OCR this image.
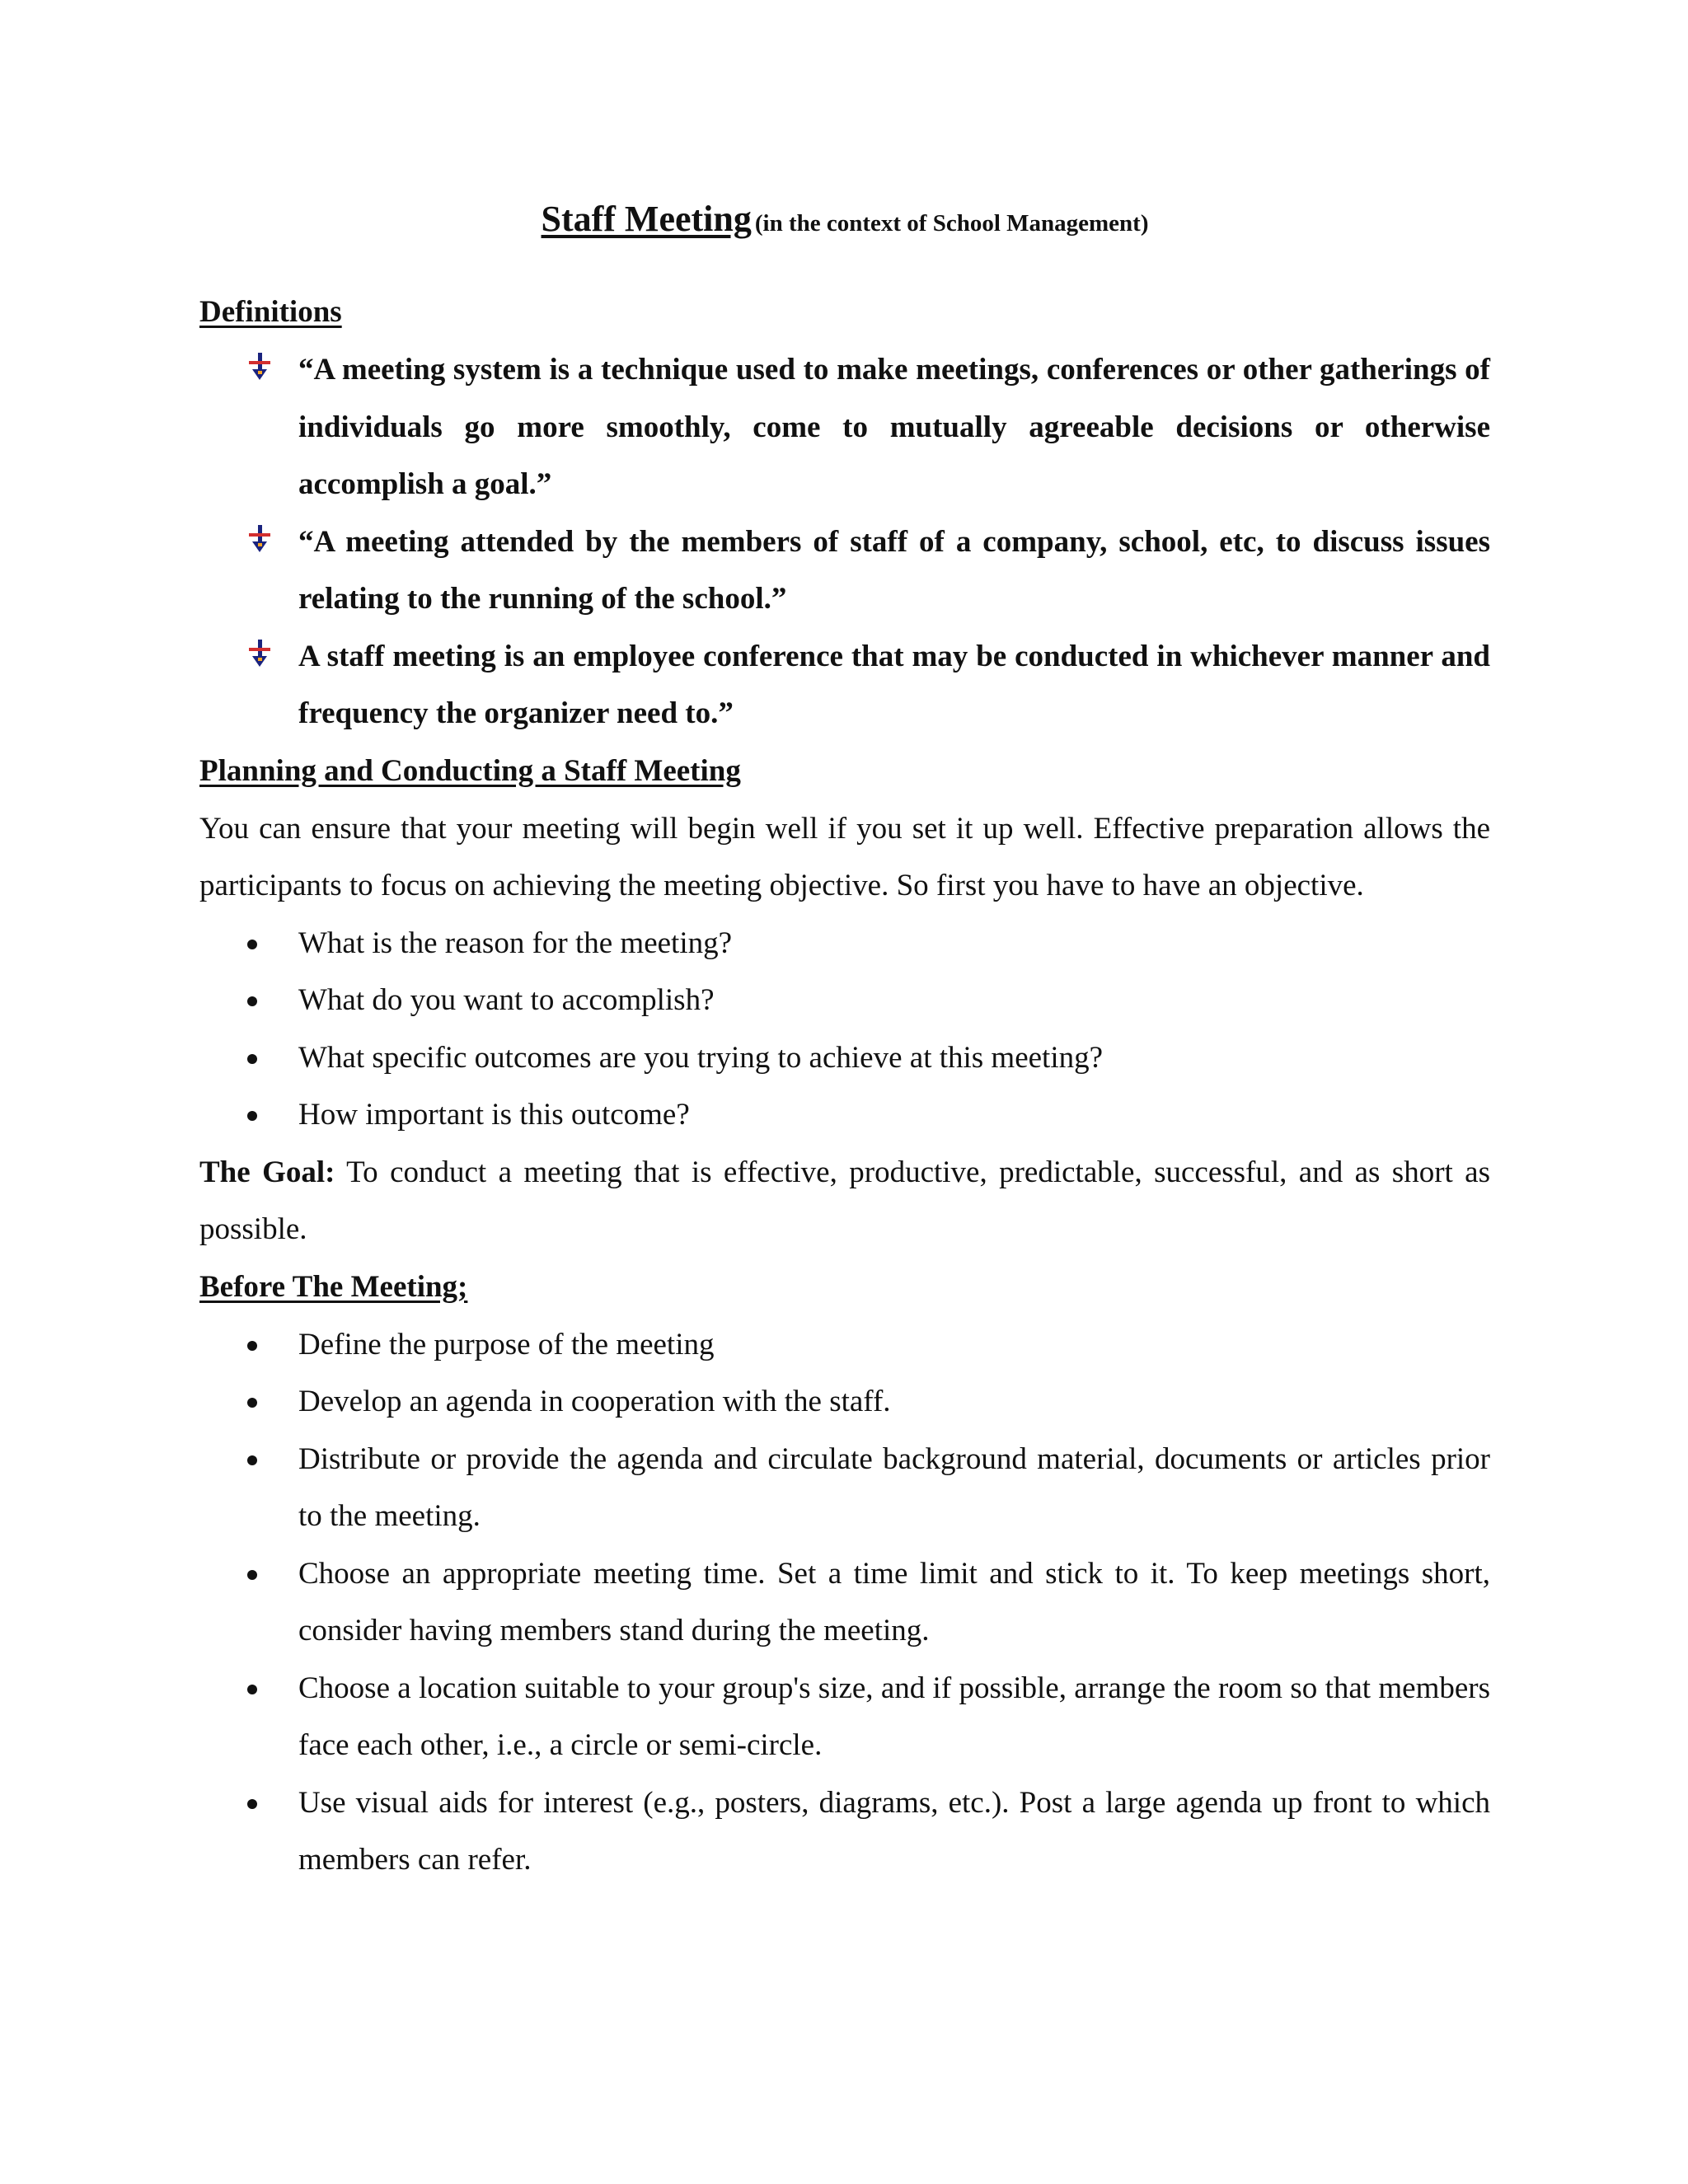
Staff Meeting (in the context of School Management)

Definitions

“A meeting system is a technique used to make meetings, conferences or other gatherings of individuals go more smoothly, come to mutually agreeable decisions or otherwise accomplish a goal.”
“A meeting attended by the members of staff of a company, school, etc, to discuss issues relating to the running of the school.”
A staff meeting is an employee conference that may be conducted in whichever manner and frequency the organizer need to.”

Planning and Conducting a Staff Meeting

You can ensure that your meeting will begin well if you set it up well. Effective preparation allows the participants to focus on achieving the meeting objective. So first you have to have an objective.

What is the reason for the meeting?
What do you want to accomplish?
What specific outcomes are you trying to achieve at this meeting?
How important is this outcome?

The Goal: To conduct a meeting that is effective, productive, predictable, successful, and as short as possible.

Before The Meeting;

Define the purpose of the meeting
Develop an agenda in cooperation with the staff.
Distribute or provide the agenda and circulate background material, documents or articles prior to the meeting.
Choose an appropriate meeting time. Set a time limit and stick to it. To keep meetings short, consider having members stand during the meeting.
Choose a location suitable to your group's size, and if possible, arrange the room so that members face each other, i.e., a circle or semi-circle.
Use visual aids for interest (e.g., posters, diagrams, etc.). Post a large agenda up front to which members can refer.
